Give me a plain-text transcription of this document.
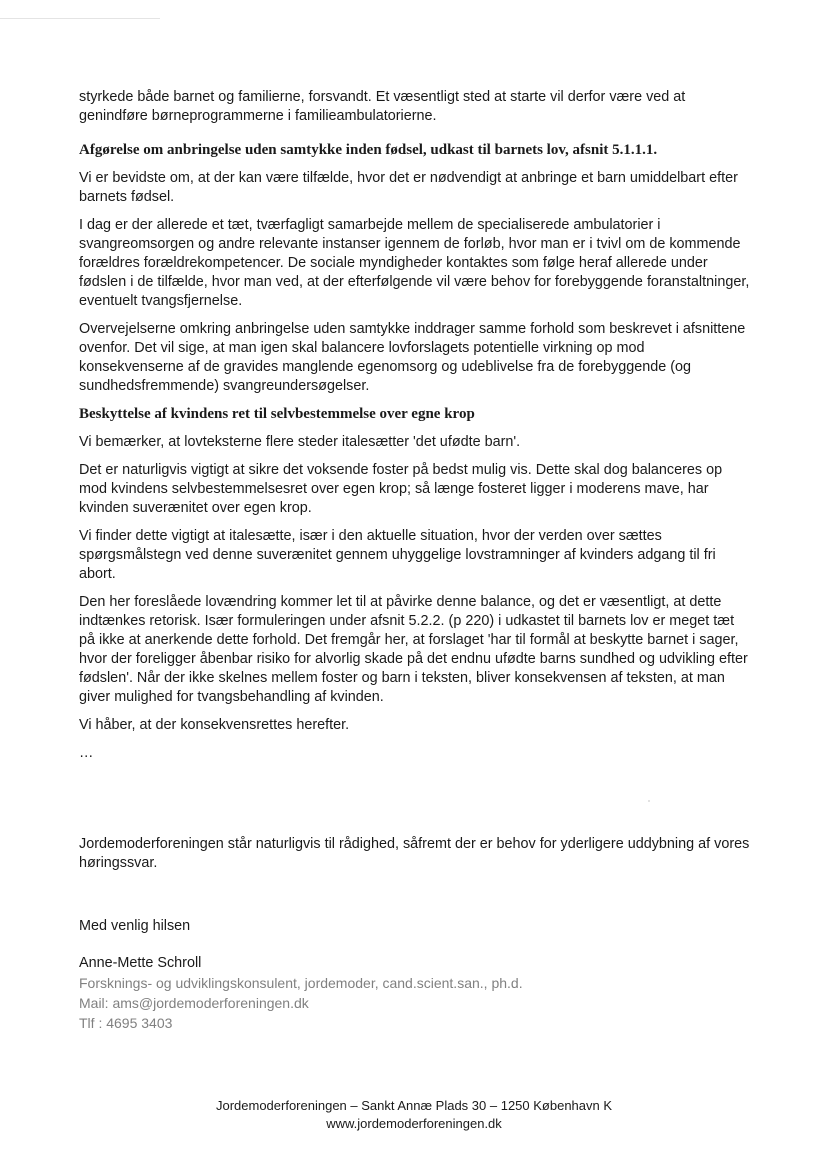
styrkede både barnet og familierne, forsvandt. Et væsentligt sted at starte vil derfor være ved at genindføre børneprogrammerne i familieambulatorierne.

Afgørelse om anbringelse uden samtykke inden fødsel, udkast til barnets lov, afsnit 5.1.1.1.

Vi er bevidste om, at der kan være tilfælde, hvor det er nødvendigt at anbringe et barn umiddelbart efter barnets fødsel.

I dag er der allerede et tæt, tværfagligt samarbejde mellem de specialiserede ambulatorier i svangreomsorgen og andre relevante instanser igennem de forløb, hvor man er i tvivl om de kommende forældres forældrekompetencer. De sociale myndigheder kontaktes som følge heraf allerede under fødslen i de tilfælde, hvor man ved, at der efterfølgende vil være behov for forebyggende foranstaltninger, eventuelt tvangsfjernelse.

Overvejelserne omkring anbringelse uden samtykke inddrager samme forhold som beskrevet i afsnittene ovenfor. Det vil sige, at man igen skal balancere lovforslagets potentielle virkning op mod konsekvenserne af de gravides manglende egenomsorg og udeblivelse fra de forebyggende (og sundhedsfremmende) svangreundersøgelser.

Beskyttelse af kvindens ret til selvbestemmelse over egne krop

Vi bemærker, at lovteksterne flere steder italesætter 'det ufødte barn'.

Det er naturligvis vigtigt at sikre det voksende foster på bedst mulig vis. Dette skal dog balanceres op mod kvindens selvbestemmelsesret over egen krop; så længe fosteret ligger i moderens mave, har kvinden suverænitet over egen krop.

Vi finder dette vigtigt at italesætte, især i den aktuelle situation, hvor der verden over sættes spørgsmålstegn ved denne suverænitet gennem uhyggelige lovstramninger af kvinders adgang til fri abort.

Den her foreslåede lovændring kommer let til at påvirke denne balance, og det er væsentligt, at dette indtænkes retorisk. Især formuleringen under afsnit 5.2.2. (p 220) i udkastet til barnets lov er meget tæt på ikke at anerkende dette forhold. Det fremgår her, at forslaget 'har til formål at beskytte barnet i sager, hvor der foreligger åbenbar risiko for alvorlig skade på det endnu ufødte barns sundhed og udvikling efter fødslen'. Når der ikke skelnes mellem foster og barn i teksten, bliver konsekvensen af teksten, at man giver mulighed for tvangsbehandling af kvinden.

Vi håber, at der konsekvensrettes herefter.

…

Jordemoderforeningen står naturligvis til rådighed, såfremt der er behov for yderligere uddybning af vores høringssvar.

Med venlig hilsen

Anne-Mette Schroll

Forsknings- og udviklingskonsulent, jordemoder, cand.scient.san., ph.d.

Mail: ams@jordemoderforeningen.dk

Tlf : 4695 3403

Jordemoderforeningen – Sankt Annæ Plads 30 – 1250 København K

www.jordemoderforeningen.dk
